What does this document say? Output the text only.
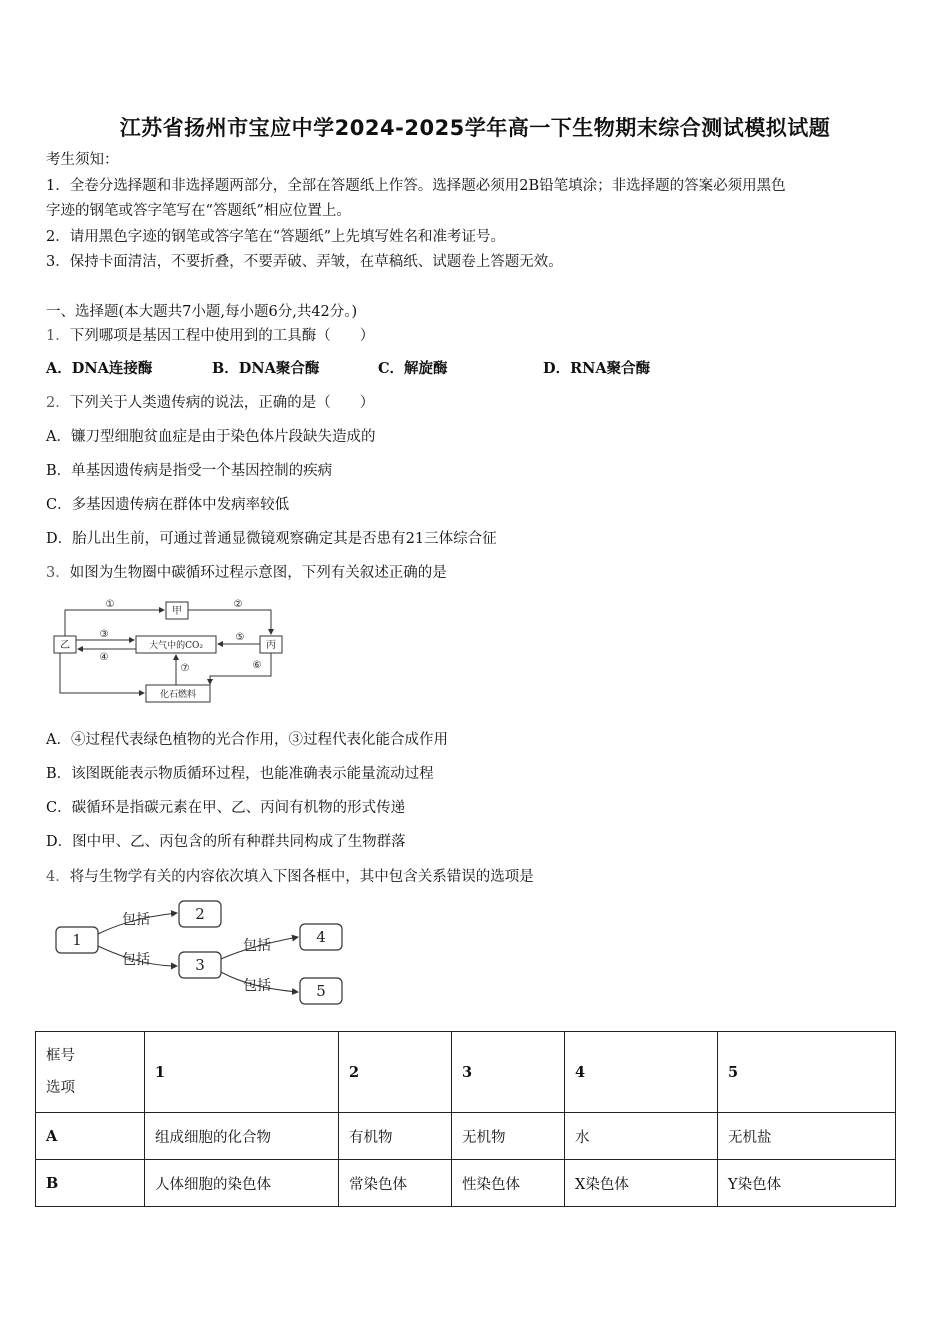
江苏省扬州市宝应中学2024-2025学年高一下生物期末综合测试模拟试题
考生须知：
1．全卷分选择题和非选择题两部分，全部在答题纸上作答。选择题必须用2B铅笔填涂；非选择题的答案必须用黑色
字迹的钢笔或答字笔写在“答题纸”相应位置上。
2．请用黑色字迹的钢笔或答字笔在“答题纸”上先填写姓名和准考证号。
3．保持卡面清洁，不要折叠，不要弄破、弄皱，在草稿纸、试题卷上答题无效。
一、选择题(本大题共7小题,每小题6分,共42分。)
1．下列哪项是基因工程中使用到的工具酶（　　）
A．DNA连接酶	B．DNA聚合酶	C．解旋酶	D．RNA聚合酶
2．下列关于人类遗传病的说法，正确的是（　　）
A．镰刀型细胞贫血症是由于染色体片段缺失造成的
B．单基因遗传病是指受一个基因控制的疾病
C．多基因遗传病在群体中发病率较低
D．胎儿出生前，可通过普通显微镜观察确定其是否患有21三体综合征
3．如图为生物圈中碳循环过程示意图，下列有关叙述正确的是
甲
乙	丙
大气中的CO₂
化石燃料
①	②
③
④
⑤
⑥
⑦
A．④过程代表绿色植物的光合作用，③过程代表化能合成作用
B．该图既能表示物质循环过程，也能准确表示能量流动过程
C．碳循环是指碳元素在甲、乙、丙间有机物的形式传递
D．图中甲、乙、丙包含的所有种群共同构成了生物群落
4．将与生物学有关的内容依次填入下图各框中，其中包含关系错误的选项是
1
2
3
4
5
包括
包括
包括
包括
框号
选项	1	2	3	4	5
A	组成细胞的化合物	有机物	无机物	水	无机盐
B	人体细胞的染色体	常染色体	性染色体	X染色体	Y染色体
